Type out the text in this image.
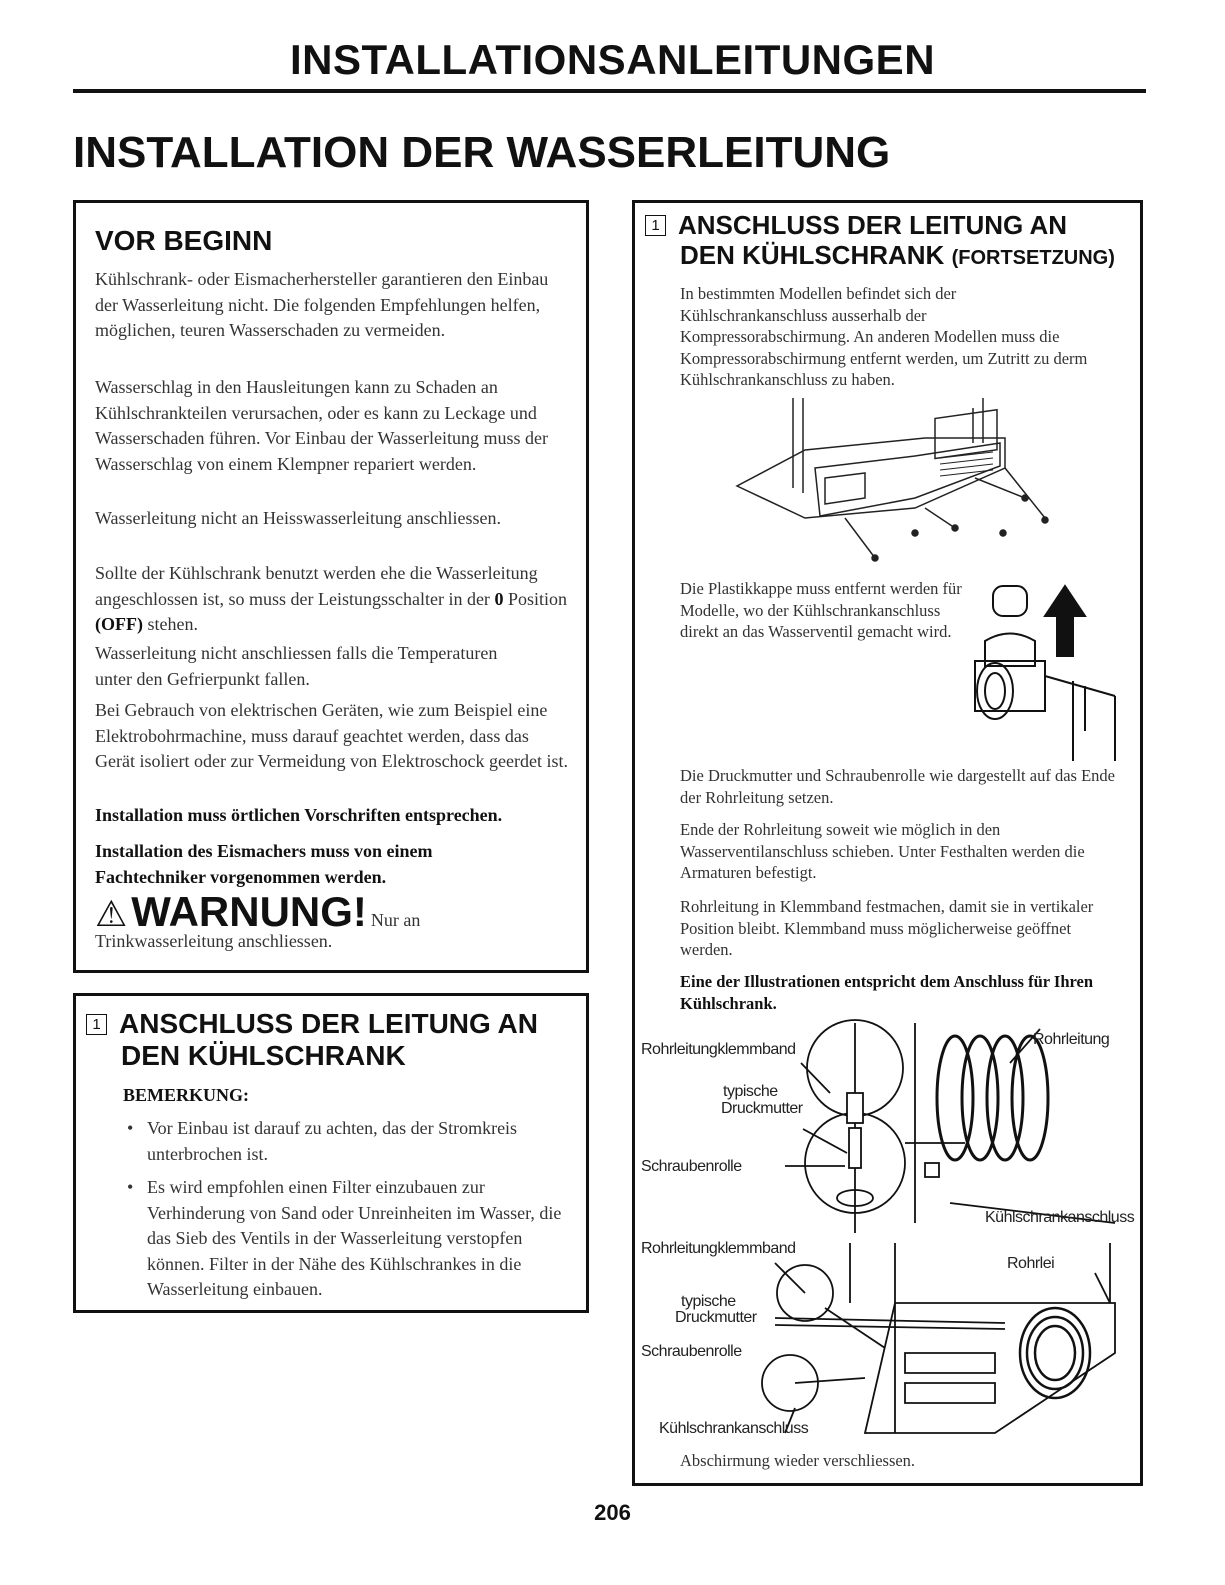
INSTALLATIONSANLEITUNGEN
INSTALLATION DER WASSERLEITUNG
VOR BEGINN
Kühlschrank- oder Eismacherhersteller garantieren den Einbau der Wasserleitung nicht. Die folgenden Empfehlungen helfen, möglichen, teuren Wasserschaden zu vermeiden.
Wasserschlag in den Hausleitungen kann zu Schaden an Kühlschrankteilen verursachen, oder es kann zu Leckage und Wasserschaden führen. Vor Einbau der Wasserleitung muss der Wasserschlag von einem Klempner repariert werden.
Wasserleitung nicht an Heisswasserleitung anschliessen.
Sollte der Kühlschrank benutzt werden ehe die Wasserleitung angeschlossen ist, so muss der Leistungsschalter in der 0 Position (OFF) stehen.
Wasserleitung nicht anschliessen falls die Temperaturen unter den Gefrierpunkt fallen.
Bei Gebrauch von elektrischen Geräten, wie zum Beispiel eine Elektrobohrmachine, muss darauf geachtet werden, dass das Gerät isoliert oder zur Vermeidung von Elektroschock geerdet ist.
Installation muss örtlichen Vorschriften entsprechen.
Installation des Eismachers muss von einem Fachtechniker vorgenommen werden.
⚠ WARNUNG! Nur an
Trinkwasserleitung anschliessen.
1 ANSCHLUSS DER LEITUNG AN
DEN KÜHLSCHRANK
BEMERKUNG:
• Vor Einbau ist darauf zu achten, das der Stromkreis unterbrochen ist.
• Es wird empfohlen einen Filter einzubauen zur Verhinderung von Sand oder Unreinheiten im Wasser, die das Sieb des Ventils in der Wasserleitung verstopfen können. Filter in der Nähe des Kühlschrankes in die Wasserleitung einbauen.
1 ANSCHLUSS DER LEITUNG AN
DEN KÜHLSCHRANK (FORTSETZUNG)
In bestimmten Modellen befindet sich der Kühlschrankanschluss ausserhalb der Kompressorabschirmung. An anderen Modellen muss die Kompressorabschirmung entfernt werden, um Zutritt zu derm Kühlschrankanschluss zu haben.
Die Plastikkappe muss entfernt werden für Modelle, wo der Kühlschrankanschluss direkt an das Wasserventil gemacht wird.
Die Druckmutter und Schraubenrolle wie dargestellt auf das Ende der Rohrleitung setzen.
Ende der Rohrleitung soweit wie möglich in den Wasserventilanschluss schieben. Unter Festhalten werden die Armaturen befestigt.
Rohrleitung in Klemmband festmachen, damit sie in vertikaler Position bleibt. Klemmband muss möglicherweise geöffnet werden.
Eine der Illustrationen entspricht dem Anschluss für Ihren Kühlschrank.
Rohrleitungklemmband
Rohrleitung
typische
Druckmutter
Schraubenrolle
Kühlschrankanschluss
Rohrleitungklemmband
Rohrlei
typische
Druckmutter
Schraubenrolle
Kühlschrankanschluss
Abschirmung wieder verschliessen.
206
